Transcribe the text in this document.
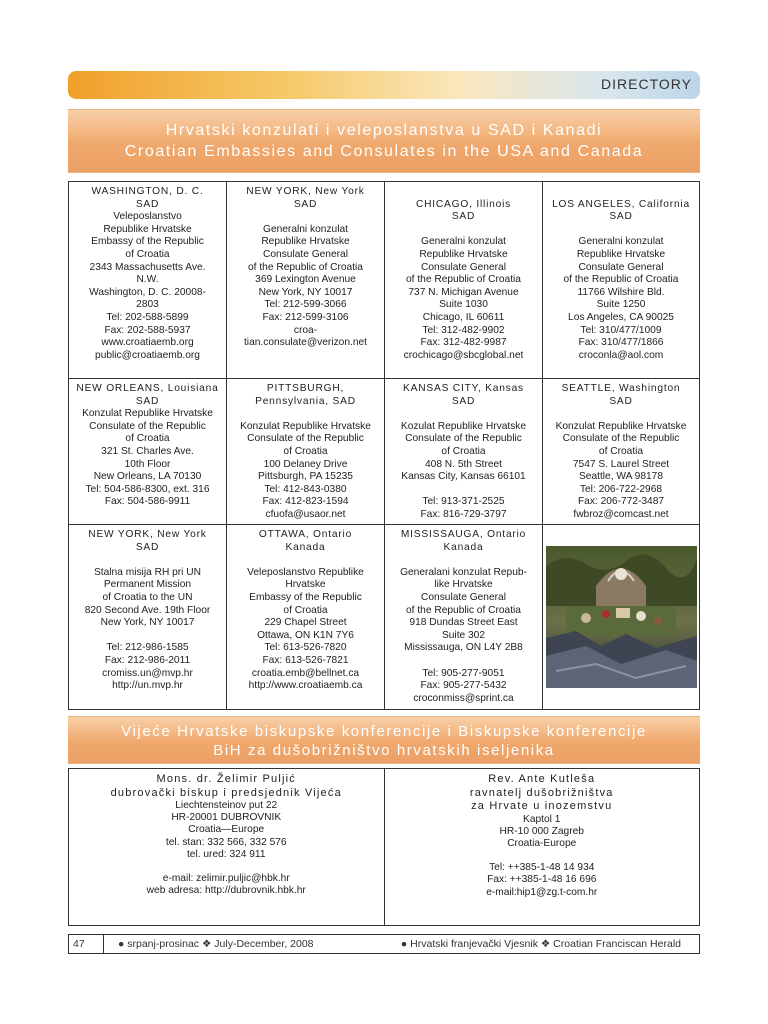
DIRECTORY
Hrvatski konzulati i veleposlanstva u SAD i Kanadi
Croatian Embassies and Consulates in the USA and Canada
WASHINGTON, D. C.
SAD
Veleposlanstvo
Republike Hrvatske
Embassy of the Republic
of Croatia
2343 Massachusetts Ave.
N.W.
Washington, D. C. 20008-
2803
Tel: 202-588-5899
Fax: 202-588-5937
www.croatiaemb.org
public@croatiaemb.org
NEW YORK, New York
SAD
Generalni konzulat
Republike Hrvatske
Consulate General
of the Republic of Croatia
369 Lexington Avenue
New York, NY 10017
Tel: 212-599-3066
Fax: 212-599-3106
croa-
tian.consulate@verizon.net
CHICAGO, Illinois
SAD
Generalni konzulat
Republike Hrvatske
Consulate General
of the Republic of Croatia
737 N. Michigan Avenue
Suite 1030
Chicago, IL 60611
Tel: 312-482-9902
Fax: 312-482-9987
crochicago@sbcglobal.net
LOS ANGELES, California
SAD
Generalni konzulat
Republike Hrvatske
Consulate General
of the Republic of Croatia
11766 Wilshire Bld.
Suite 1250
Los Angeles, CA 90025
Tel: 310/477/1009
Fax: 310/477/1866
croconla@aol.com
NEW ORLEANS, Louisiana
SAD
Konzulat Republike Hrvatske
Consulate of the Republic
of Croatia
321 St. Charles Ave.
10th Floor
New Orleans, LA 70130
Tel: 504-586-8300, ext. 316
Fax: 504-586-9911
PITTSBURGH,
Pennsylvania, SAD
Konzulat Republike Hrvatske
Consulate of the Republic
of Croatia
100 Delaney Drive
Pittsburgh, PA 15235
Tel: 412-843-0380
Fax: 412-823-1594
cfuofa@usaor.net
KANSAS CITY, Kansas
SAD
Kozulat Republike Hrvatske
Consulate of the Republic
of Croatia
408 N. 5th Street
Kansas City, Kansas 66101
Tel: 913-371-2525
Fax: 816-729-3797
SEATTLE, Washington
SAD
Konzulat Republike Hrvatske
Consulate of the Republic
of Croatia
7547 S. Laurel Street
Seattle, WA 98178
Tel: 206-722-2968
Fax: 206-772-3487
fwbroz@comcast.net
NEW YORK, New York
SAD
Stalna misija RH pri UN
Permanent Mission
of Croatia to the UN
820 Second Ave. 19th Floor
New York, NY 10017
Tel: 212-986-1585
Fax: 212-986-2011
cromiss.un@mvp.hr
http://un.mvp.hr
OTTAWA, Ontario
Kanada
Veleposlanstvo Republike
Hrvatske
Embassy of the Republic
of Croatia
229 Chapel Street
Ottawa, ON K1N 7Y6
Tel: 613-526-7820
Fax: 613-526-7821
croatia.emb@bellnet.ca
http://www.croatiaemb.ca
MISSISSAUGA, Ontario
Kanada
Generalani konzulat Repub-
like Hrvatske
Consulate General
of the Republic of Croatia
918 Dundas Street East
Suite 302
Mississauga, ON L4Y 2B8
Tel: 905-277-9051
Fax: 905-277-5432
croconmiss@sprint.ca
Vijeće Hrvatske biskupske konferencije i Biskupske konferencije
BiH za dušobrižništvo hrvatskih iseljenika
Mons. dr. Želimir Puljić
dubrovački biskup i predsjednik Vijeća
Liechtensteinov put 22
HR-20001 DUBROVNIK
Croatia—Europe
tel. stan: 332 566, 332 576
tel. ured: 324 911
e-mail: zelimir.puljic@hbk.hr
web adresa: http://dubrovnik.hbk.hr
Rev. Ante Kutleša
ravnatelj dušobrižništva
za Hrvate u inozemstvu
Kaptol 1
HR-10 000 Zagreb
Croatia-Europe
Tel: ++385-1-48 14 934
Fax: ++385-1-48 16 696
e-mail:hip1@zg.t-com.hr
47	● srpanj-prosinac ❖ July-December, 2008	● Hrvatski franjevački Vjesnik ❖ Croatian Franciscan Herald
